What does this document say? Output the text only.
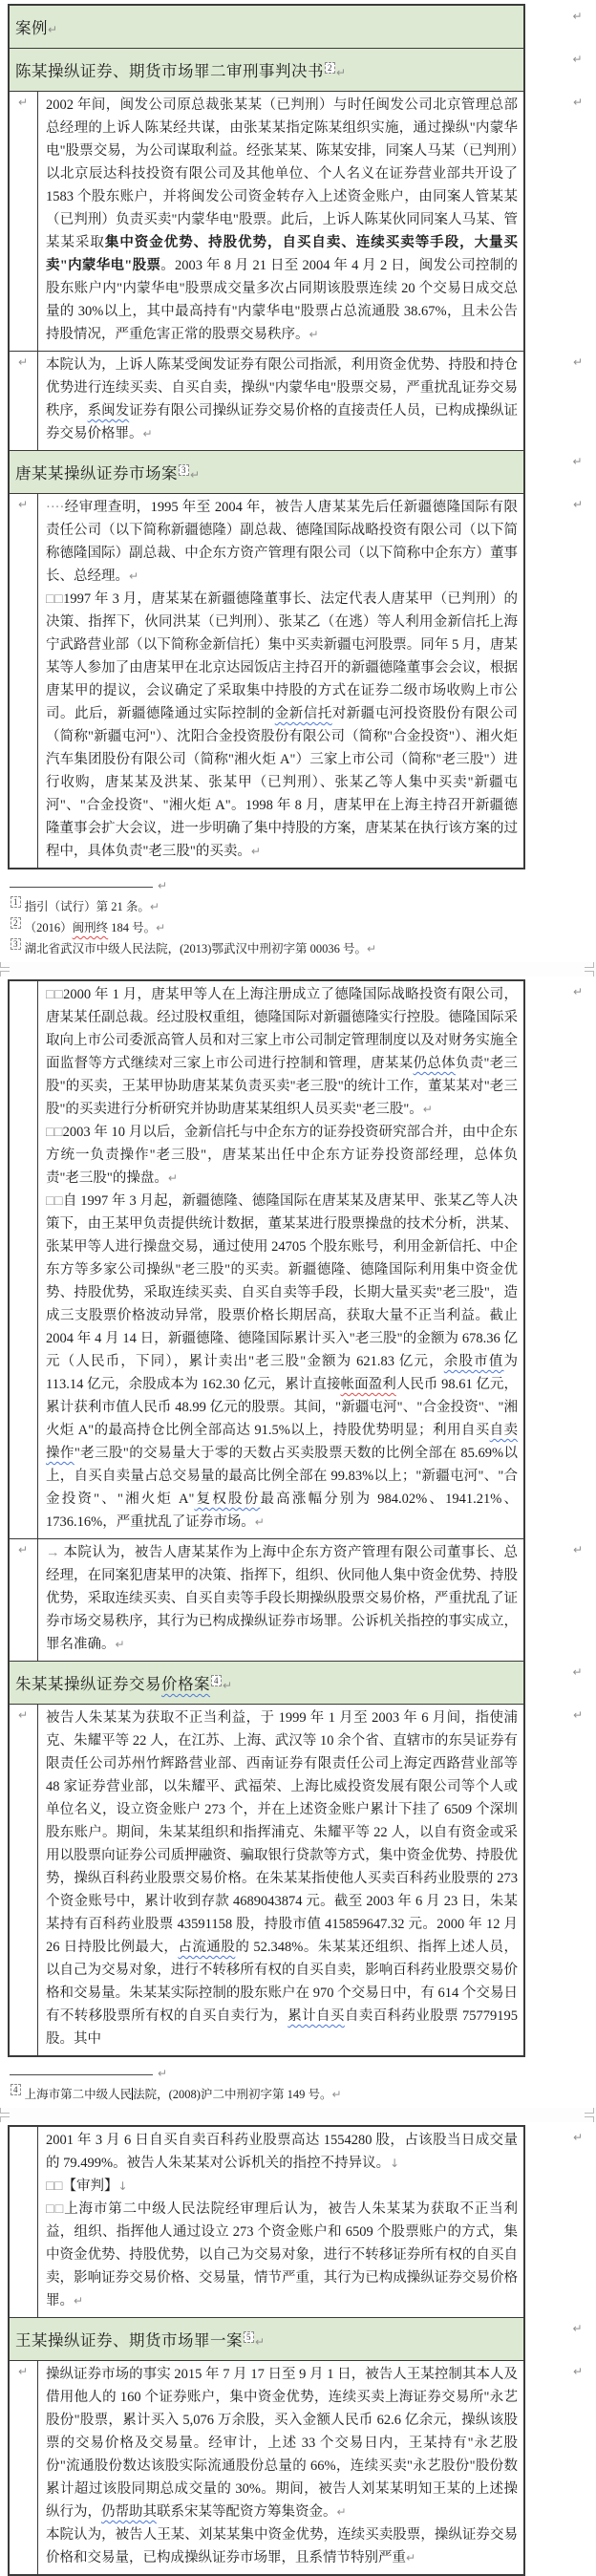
案例↵
↵
陈某操纵证券、期货市场罪二审刑事判决书 $^2$ ↵
↵
↵	2002 年间，闽发公司原总裁张某某（已判刑）与时任闽发公司北京管理总部总经理的上诉人陈某经共谋，由张某某指定陈某组织实施，通过操纵"内蒙华电"股票交易，为公司谋取利益。经张某某、陈某安排，同案人马某（已判刑）以北京辰达科技投资有限公司及其他单位、个人名义在证券营业部共开设了 1583 个股东账户，并将闽发公司资金转存入上述资金账户，由同案人管某某（已判刑）负责买卖"内蒙华电"股票。此后，上诉人陈某伙同同案人马某、管某某采取集中资金优势、持股优势，自买自卖、连续买卖等手段，大量买卖"内蒙华电"股票。2003 年 8 月 21 日至 2004 年 4 月 2 日，闽发公司控制的股东账户内"内蒙华电"股票成交量多次占同期该股票连续 20 个交易日成交总量的 30%以上，其中最高持有"内蒙华电"股票占总流通股 38.67%，且未公告持股情况，严重危害正常的股票交易秩序。↵

↵
↵	本院认为，上诉人陈某受闽发证券有限公司指派，利用资金优势、持股和持仓优势进行连续买卖、自买自卖，操纵"内蒙华电"股票交易，严重扰乱证券交易秩序，系闽发证券有限公司操纵证券交易价格的直接责任人员，已构成操纵证券交易价格罪。↵

↵
唐某某操纵证券市场案 $^3$ ↵
↵
↵	····经审理查明，1995 年至 2004 年，被告人唐某某先后任新疆德隆国际有限责任公司（以下简称新疆德隆）副总裁、德隆国际战略投资有限公司（以下简称德隆国际）副总裁、中企东方资产管理有限公司（以下简称中企东方）董事长、总经理。↵

□□1997 年 3 月，唐某某在新疆德隆董事长、法定代表人唐某甲（已判刑）的决策、指挥下，伙同洪某（已判刑）、张某乙（在逃）等人利用金新信托上海宁武路营业部（以下简称金新信托）集中买卖新疆屯河股票。同年 5 月，唐某某等人参加了由唐某甲在北京达园饭店主持召开的新疆德隆董事会会议，根据唐某甲的提议，会议确定了采取集中持股的方式在证券二级市场收购上市公司。此后，新疆德隆通过实际控制的金新信托对新疆屯河投资股份有限公司（简称"新疆屯河"）、沈阳合金投资股份有限公司（简称"合金投资"）、湘火炬汽车集团股份有限公司（简称"湘火炬 A"）三家上市公司（简称"老三股"）进行收购，唐某某及洪某、张某甲（已判刑）、张某乙等人集中买卖"新疆屯河"、"合金投资"、"湘火炬 A"。1998 年 8 月，唐某甲在上海主持召开新疆德隆董事会扩大会议，进一步明确了集中持股的方案，唐某某在执行该方案的过程中，具体负责"老三股"的买卖。↵

↵
↵
$^1$ 指引（试行）第 21 条。↵
$^2$ （2016）闽刑终 184 号。↵
$^3$ 湖北省武汉市中级人民法院，(2013)鄂武汉中刑初字第 00036 号。↵

□□2000 年 1 月，唐某甲等人在上海注册成立了德隆国际战略投资有限公司，唐某某任副总裁。经过股权重组，德隆国际对新疆德隆实行控股。德隆国际采取向上市公司委派高管人员和对三家上市公司制定管理制度以及对财务实施全面监督等方式继续对三家上市公司进行控制和管理，唐某某仍总体负责"老三股"的买卖，王某甲协助唐某某负责买卖"老三股"的统计工作，董某某对"老三股"的买卖进行分析研究并协助唐某某组织人员买卖"老三股"。↵

□□2003 年 10 月以后，金新信托与中企东方的证券投资研究部合并，由中企东方统一负责操作"老三股"，唐某某出任中企东方证券投资部经理，总体负责"老三股"的操盘。↵

□□自 1997 年 3 月起，新疆德隆、德隆国际在唐某某及唐某甲、张某乙等人决策下，由王某甲负责提供统计数据，董某某进行股票操盘的技术分析，洪某、张某甲等人进行操盘交易，通过使用 24705 个股东账号，利用金新信托、中企东方等多家公司操纵"老三股"的买卖。新疆德隆、德隆国际利用集中资金优势、持股优势，采取连续买卖、自买自卖等手段，长期大量买卖"老三股"，造成三支股票价格波动异常，股票价格长期居高，获取大量不正当利益。截止 2004 年 4 月 14 日，新疆德隆、德隆国际累计买入"老三股"的金额为 678.36 亿元（人民币，下同），累计卖出"老三股"金额为 621.83 亿元，余股市值为 113.14 亿元，余股成本为 162.30 亿元，累计直接帐面盈利人民币 98.61 亿元，累计获利市值人民币 48.99 亿元的股票。其间，"新疆屯河"、"合金投资"、"湘火炬 A"的最高持仓比例全部高达 91.5%以上，持股优势明显；利用自买自卖操作"老三股"的交易量大于零的天数占买卖股票天数的比例全部在 85.69%以上，自买自卖量占总交易量的最高比例全部在 99.83%以上；"新疆屯河"、"合金投资"、"湘火炬 A"复权股份最高涨幅分别为 984.02%、1941.21%、1736.16%，严重扰乱了证券市场。↵

↵
↵	→ 本院认为，被告人唐某某作为上海中企东方资产管理有限公司董事长、总经理，在同案犯唐某甲的决策、指挥下，组织、伙同他人集中资金优势、持股优势，采取连续买卖、自买自卖等手段长期操纵股票交易价格，严重扰乱了证券市场交易秩序，其行为已构成操纵证券市场罪。公诉机关指控的事实成立，罪名准确。↵

↵
朱某某操纵证券交易价格案 $^4$ ↵
↵
↵	被告人朱某某为获取不正当利益，于 1999 年 1 月至 2003 年 6 月间，指使浦克、朱耀平等 22 人，在江苏、上海、武汉等 10 余个省、直辖市的东吴证券有限责任公司苏州竹辉路营业部、西南证券有限责任公司上海定西路营业部等 48 家证券营业部，以朱耀平、武福荣、上海比威投资发展有限公司等个人或单位名义，设立资金账户 273 个，并在上述资金账户累计下挂了 6509 个深圳股东账户。期间，朱某某组织和指挥浦克、朱耀平等 22 人，以自有资金或采用以股票向证券公司质押融资、骗取银行贷款等方式，集中资金优势、持股优势，操纵百科药业股票交易价格。在朱某某指使他人买卖百科药业股票的 273 个资金账号中，累计收到存款 4689043874 元。截至 2003 年 6 月 23 日，朱某某持有百科药业股票 43591158 股，持股市值 415859647.32 元。2000 年 12 月 26 日持股比例最大，占流通股的 52.348%。朱某某还组织、指挥上述人员，以自己为交易对象，进行不转移所有权的自买自卖，影响百科药业股票交易价格和交易量。朱某某实际控制的股东账户在 970 个交易日中，有 614 个交易日有不转移股票所有权的自买自卖行为，累计自买自卖百科药业股票 75779195 股。其中

↵
↵
$^4$ 上海市第二中级人民法院，(2008)沪二中刑初字第 149 号。↵

2001 年 3 月 6 日自买自卖百科药业股票高达 1554280 股，占该股当日成交量的 79.499%。被告人朱某某对公诉机关的指控不持异议。↓

□□【审判】↓

□□上海市第二中级人民法院经审理后认为，被告人朱某某为获取不正当利益，组织、指挥他人通过设立 273 个资金账户和 6509 个股票账户的方式，集中资金优势、持股优势，以自己为交易对象，进行不转移证券所有权的自买自卖，影响证券交易价格、交易量，情节严重，其行为已构成操纵证券交易价格罪。↵

↵
王某操纵证券、期货市场罪一案 $^5$ ↵
↵
↵	操纵证券市场的事实 2015 年 7 月 17 日至 9 月 1 日，被告人王某控制其本人及借用他人的 160 个证券账户，集中资金优势，连续买卖上海证券交易所"永艺股份"股票，累计买入 5,076 万余股，买入金额人民币 62.6 亿余元，操纵该股票的交易价格及交易量。经审计，上述 33 个交易日内，王某持有"永艺股份"流通股份数达该股实际流通股份总量的 66%，连续买卖"永艺股份"股份数累计超过该股同期总成交量的 30%。期间，被告人刘某某明知王某的上述操纵行为，仍帮助其联系宋某等配资方筹集资金。↵

本院认为，被告人王某、刘某某集中资金优势，连续买卖股票，操纵证券交易价格和交易量，已构成操纵证券市场罪，且系情节特别严重↵

↵
